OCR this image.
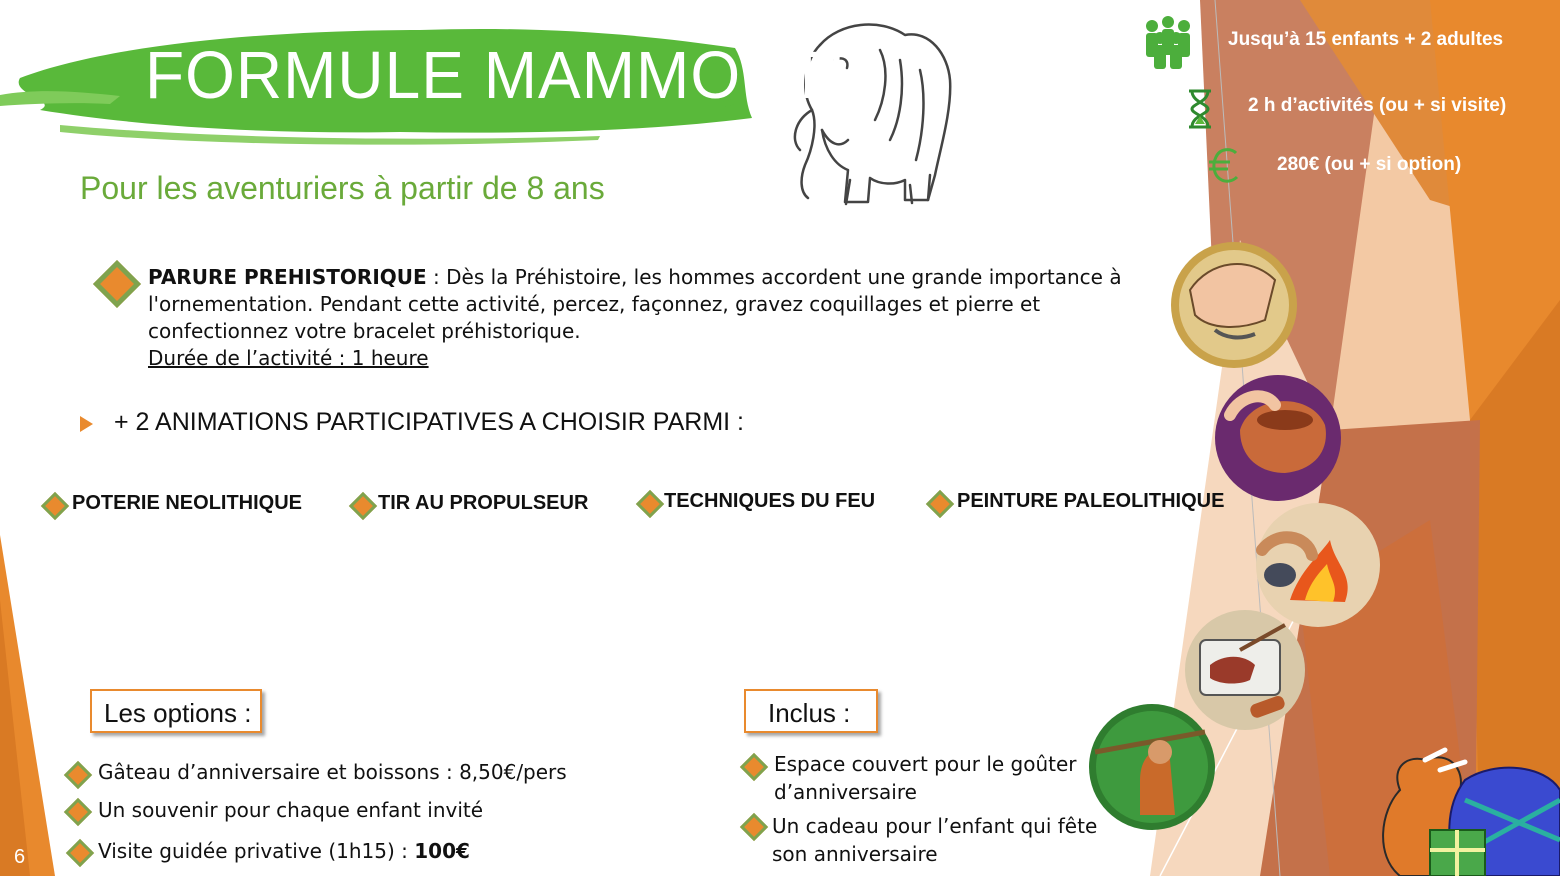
FORMULE MAMMOUTH
Pour les aventuriers à partir de 8 ans
Jusqu’à 15 enfants + 2 adultes
2 h d’activités (ou + si visite)
280€ (ou + si option)
PARURE PREHISTORIQUE : Dès la Préhistoire, les hommes accordent une grande importance à l'ornementation. Pendant cette activité, percez, façonnez, gravez coquillages et pierre et confectionnez votre bracelet préhistorique.
Durée de l’activité : 1 heure
+ 2 ANIMATIONS PARTICIPATIVES A CHOISIR PARMI :
POTERIE NEOLITHIQUE	TIR AU PROPULSEUR	TECHNIQUES DU FEU	PEINTURE PALEOLITHIQUE
Les options :
Gâteau d’anniversaire et boissons : 8,50€/pers
Un souvenir pour chaque enfant invité
Visite guidée privative (1h15) : 100€
Inclus :
Espace couvert pour le goûter
d’anniversaire
Un cadeau pour l’enfant qui fête
son anniversaire
6
